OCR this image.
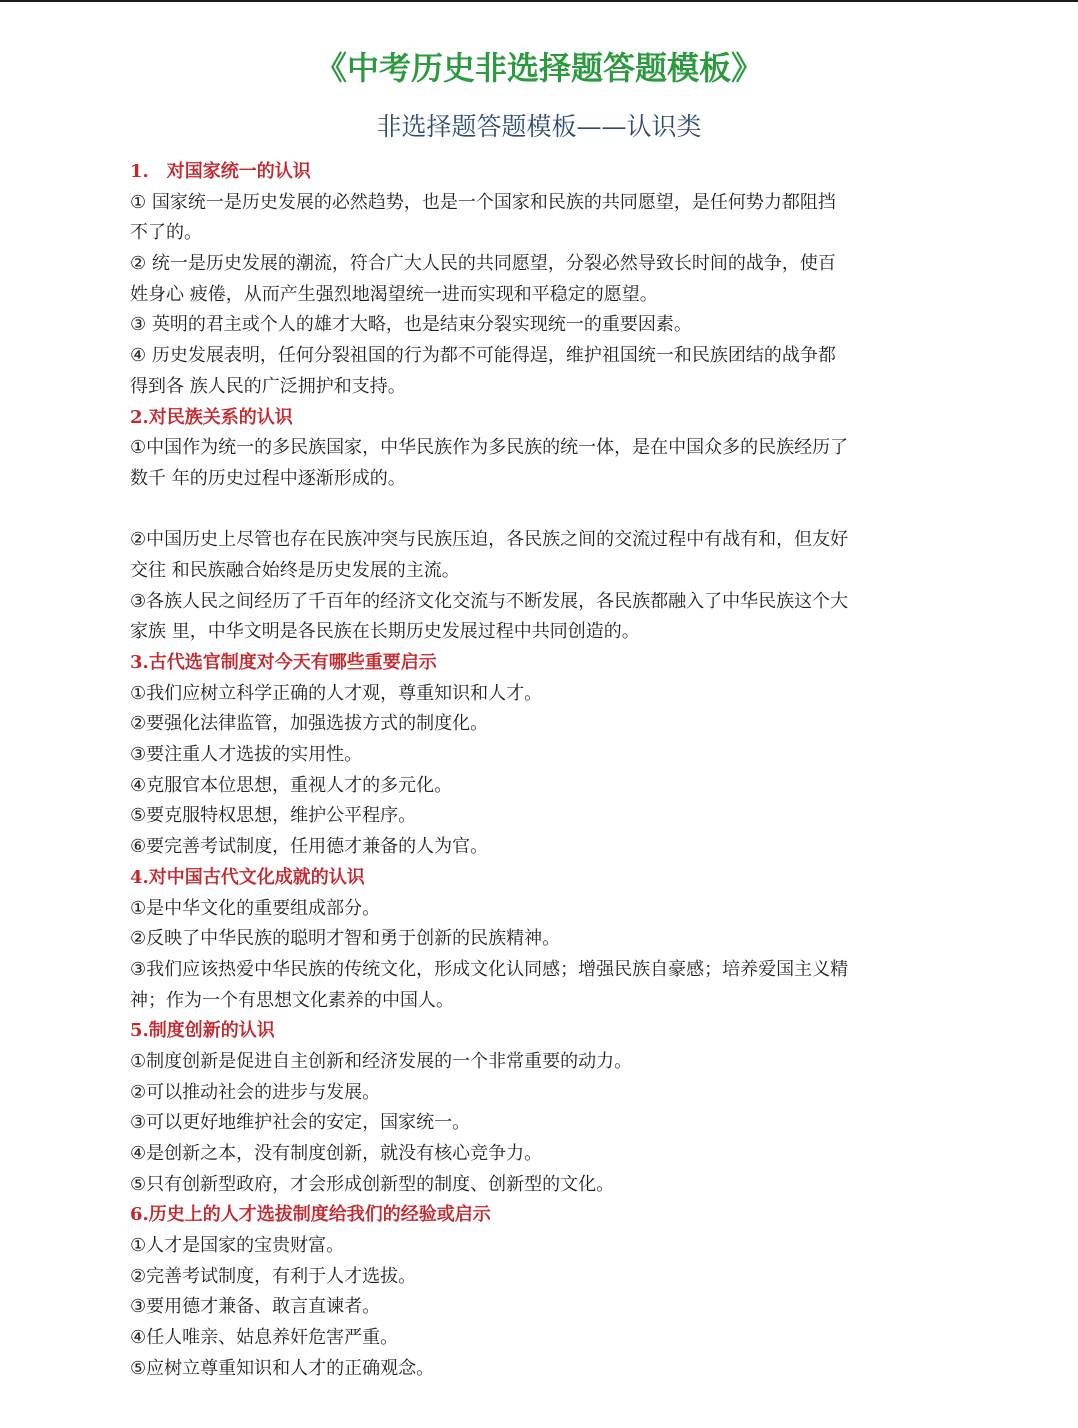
《中考历史非选择题答题模板》
非选择题答题模板——认识类
1.　对国家统一的认识
① 国家统一是历史发展的必然趋势，也是一个国家和民族的共同愿望，是任何势力都阻挡
不了的。
② 统一是历史发展的潮流，符合广大人民的共同愿望，分裂必然导致长时间的战争，使百
姓身心 疲倦，从而产生强烈地渴望统一进而实现和平稳定的愿望。
③ 英明的君主或个人的雄才大略，也是结束分裂实现统一的重要因素。
④ 历史发展表明，任何分裂祖国的行为都不可能得逞，维护祖国统一和民族团结的战争都
得到各 族人民的广泛拥护和支持。
2.对民族关系的认识
①中国作为统一的多民族国家，中华民族作为多民族的统一体，是在中国众多的民族经历了
数千 年的历史过程中逐渐形成的。
②中国历史上尽管也存在民族冲突与民族压迫，各民族之间的交流过程中有战有和，但友好
交往 和民族融合始终是历史发展的主流。
③各族人民之间经历了千百年的经济文化交流与不断发展，各民族都融入了中华民族这个大
家族 里，中华文明是各民族在长期历史发展过程中共同创造的。
3.古代选官制度对今天有哪些重要启示
①我们应树立科学正确的人才观，尊重知识和人才。
②要强化法律监管，加强选拔方式的制度化。
③要注重人才选拔的实用性。
④克服官本位思想，重视人才的多元化。
⑤要克服特权思想，维护公平程序。
⑥要完善考试制度，任用德才兼备的人为官。
4.对中国古代文化成就的认识
①是中华文化的重要组成部分。
②反映了中华民族的聪明才智和勇于创新的民族精神。
③我们应该热爱中华民族的传统文化，形成文化认同感；增强民族自豪感；培养爱国主义精
神；作为一个有思想文化素养的中国人。
5.制度创新的认识
①制度创新是促进自主创新和经济发展的一个非常重要的动力。
②可以推动社会的进步与发展。
③可以更好地维护社会的安定，国家统一。
④是创新之本，没有制度创新，就没有核心竞争力。
⑤只有创新型政府，才会形成创新型的制度、创新型的文化。
6.历史上的人才选拔制度给我们的经验或启示
①人才是国家的宝贵财富。
②完善考试制度，有利于人才选拔。
③要用德才兼备、敢言直谏者。
④任人唯亲、姑息养奸危害严重。
⑤应树立尊重知识和人才的正确观念。
